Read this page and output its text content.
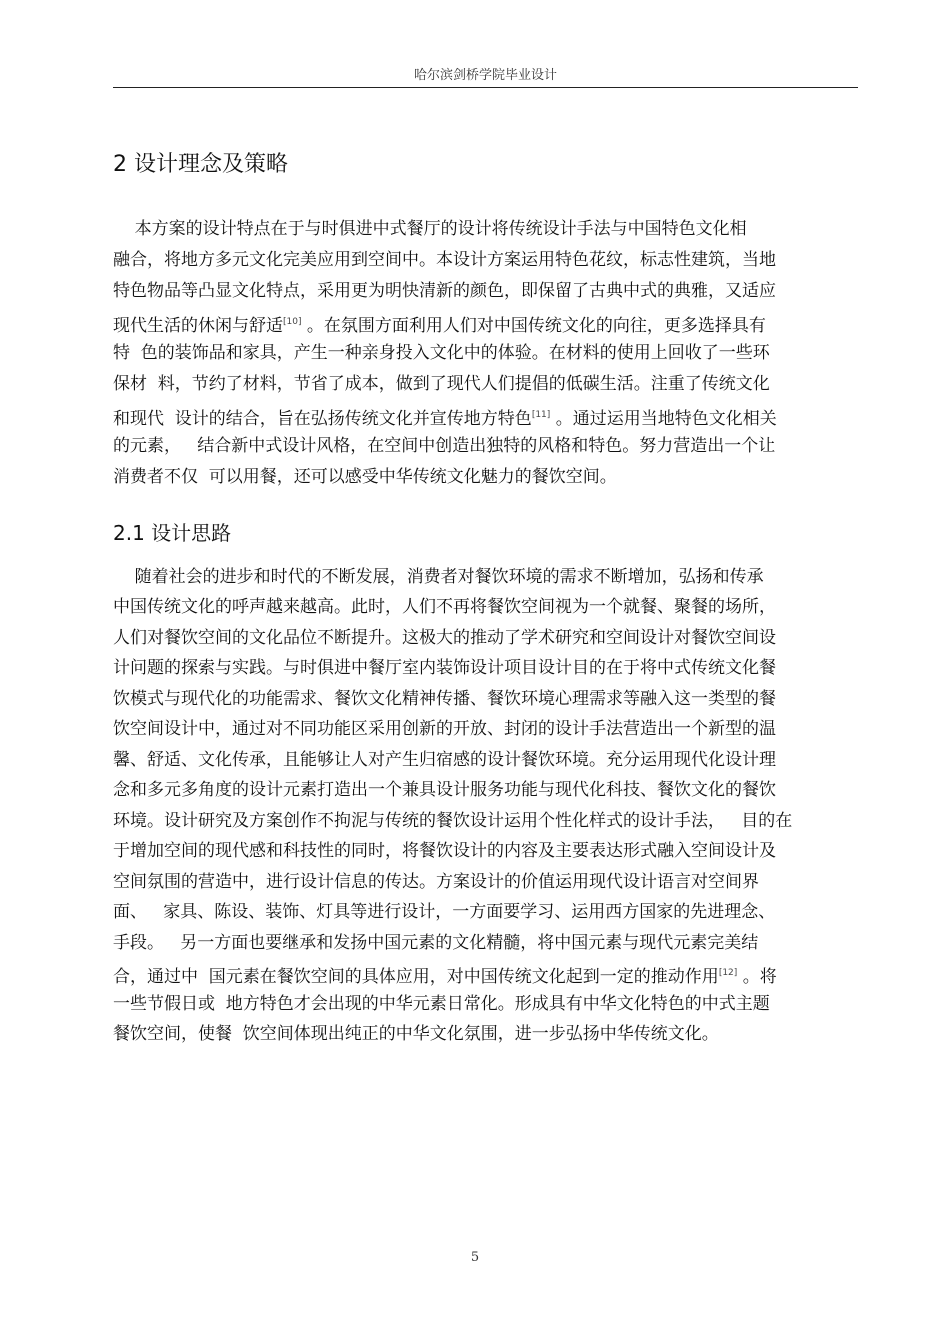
哈尔滨剑桥学院毕业设计
2 设计理念及策略
本方案的设计特点在于与时俱进中式餐厅的设计将传统设计手法与中国特色文化相
融合，将地方多元文化完美应用到空间中。本设计方案运用特色花纹，标志性建筑，当地
特色物品等凸显文化特点，采用更为明快清新的颜色，即保留了古典中式的典雅，又适应
现代生活的休闲与舒适[10] 。在氛围方面利用人们对中国传统文化的向往，更多选择具有
特  色的装饰品和家具，产生一种亲身投入文化中的体验。在材料的使用上回收了一些环
保材  料，节约了材料，节省了成本，做到了现代人们提倡的低碳生活。注重了传统文化
和现代  设计的结合，旨在弘扬传统文化并宣传地方特色[11] 。通过运用当地特色文化相关
的元素，   结合新中式设计风格，在空间中创造出独特的风格和特色。努力营造出一个让
消费者不仅  可以用餐，还可以感受中华传统文化魅力的餐饮空间。
2.1 设计思路
随着社会的进步和时代的不断发展，消费者对餐饮环境的需求不断增加，弘扬和传承
中国传统文化的呼声越来越高。此时，人们不再将餐饮空间视为一个就餐、聚餐的场所，
人们对餐饮空间的文化品位不断提升。这极大的推动了学术研究和空间设计对餐饮空间设
计问题的探索与实践。与时俱进中餐厅室内装饰设计项目设计目的在于将中式传统文化餐
饮模式与现代化的功能需求、餐饮文化精神传播、餐饮环境心理需求等融入这一类型的餐
饮空间设计中，通过对不同功能区采用创新的开放、封闭的设计手法营造出一个新型的温
馨、舒适、文化传承，且能够让人对产生归宿感的设计餐饮环境。充分运用现代化设计理
念和多元多角度的设计元素打造出一个兼具设计服务功能与现代化科技、餐饮文化的餐饮
环境。设计研究及方案创作不拘泥与传统的餐饮设计运用个性化样式的设计手法，   目的在
于增加空间的现代感和科技性的同时，将餐饮设计的内容及主要表达形式融入空间设计及
空间氛围的营造中，进行设计信息的传达。方案设计的价值运用现代设计语言对空间界
面、   家具、陈设、装饰、灯具等进行设计，一方面要学习、运用西方国家的先进理念、
手段。   另一方面也要继承和发扬中国元素的文化精髓，将中国元素与现代元素完美结
合，通过中  国元素在餐饮空间的具体应用，对中国传统文化起到一定的推动作用[12] 。将
一些节假日或  地方特色才会出现的中华元素日常化。形成具有中华文化特色的中式主题
餐饮空间，使餐  饮空间体现出纯正的中华文化氛围，进一步弘扬中华传统文化。
5
